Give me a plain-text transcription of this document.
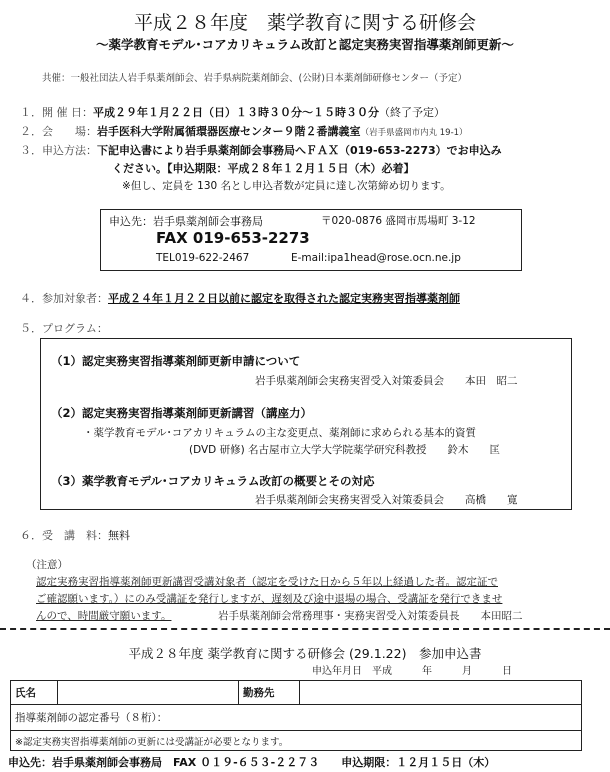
平成２８年度　薬学教育に関する研修会
～薬学教育モデル･コアカリキュラム改訂と認定実務実習指導薬剤師更新～
共催：一般社団法人岩手県薬剤師会、岩手県病院薬剤師会、(公財)日本薬剤師研修センター（予定）
１．開 催 日：平成２９年１月２２日（日）１３時３０分～１５時３０分（終了予定）
２．会　　場：岩手医科大学附属循環器医療センター９階２番講義室（岩手県盛岡市内丸 19-1）
３．申込方法：下記申込書により岩手県薬剤師会事務局へＦＡＸ（019-653-2273）でお申込み
ください。【申込期限：平成２８年１２月１５日（木）必着】
※但し、定員を 130 名とし申込者数が定員に達し次第締め切ります。
申込先：岩手県薬剤師会事務局	〒020-0876 盛岡市馬場町 3-12
FAX 019-653-2273
TEL019-622-2467	E-mail:ipa1head@rose.ocn.ne.jp
４．参加対象者：平成２４年１月２２日以前に認定を取得された認定実務実習指導薬剤師
５．プログラム：
（1）認定実務実習指導薬剤師更新申請について
岩手県薬剤師会実務実習受入対策委員会　　本田　昭二
（2）認定実務実習指導薬剤師更新講習（講座力）
・薬学教育モデル･コアカリキュラムの主な変更点、薬剤師に求められる基本的資質
(DVD 研修) 名古屋市立大学大学院薬学研究科教授　　鈴木　　匡
（3）薬学教育モデル･コアカリキュラム改訂の概要とその対応
岩手県薬剤師会実務実習受入対策委員会　　高橋　　寛
６．受　講　料：無料
（注意）
認定実務実習指導薬剤師更新講習受講対象者（認定を受けた日から５年以上経過した者。認定証で
ご確認願います。）にのみ受講証を発行しますが、遅刻及び途中退場の場合、受講証を発行できませ
んので、時間厳守願います。	岩手県薬剤師会常務理事・実務実習受入対策委員長　　本田昭二
平成２８年度 薬学教育に関する研修会 (29.1.22)　参加申込書
申込年月日　平成　　　年　　　月　　　日
氏名		勤務先	
指導薬剤師の認定番号（８桁）：
※認定実務実習指導薬剤師の更新には受講証が必要となります。
申込先：岩手県薬剤師会事務局　FAX ０１９-６５３-２２７３　　 申込期限：１２月１５日（木）
